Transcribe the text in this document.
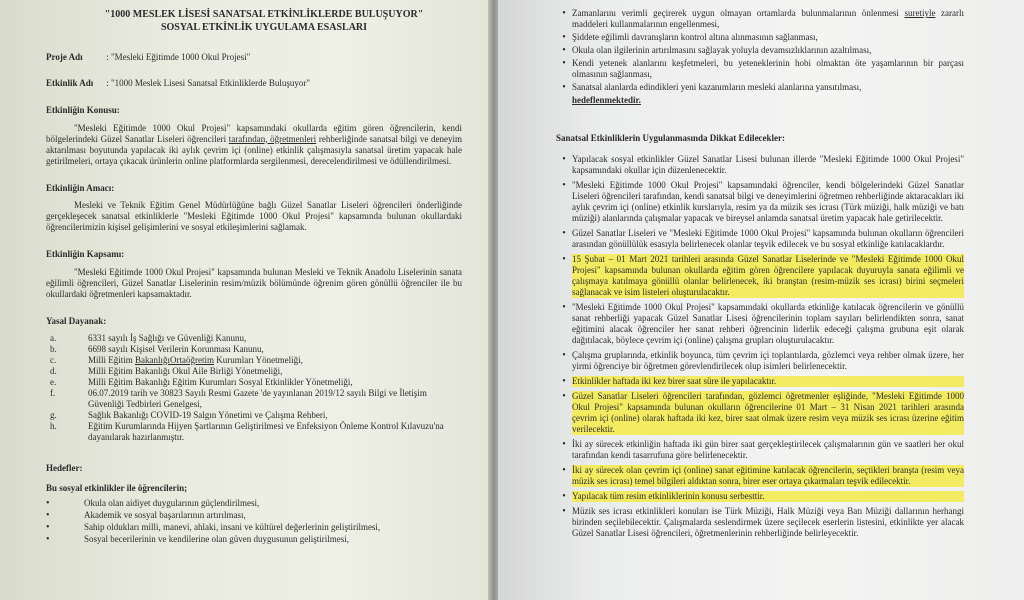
"1000 MESLEK LİSESİ SANATSAL ETKİNLİKLERDE BULUŞUYOR"
SOSYAL ETKİNLİK UYGULAMA ESASLARI
Proje Adı	: "Mesleki Eğitimde 1000 Okul Projesi"
Etkinlik Adı : "1000 Meslek Lisesi Sanatsal Etkinliklerde Buluşuyor"
Etkinliğin Konusu:

"Mesleki Eğitimde 1000 Okul Projesi" kapsamındaki okullarda eğitim gören öğrencilerin, kendi bölgelerindeki Güzel Sanatlar Liseleri öğrencileri tarafından, öğretmenleri rehberliğinde sanatsal bilgi ve deneyim aktarılması boyutunda yapılacak iki aylık çevrim içi (online) etkinlik çalışmasıyla sanatsal üretim yapacak hale getirilmeleri, ortaya çıkacak ürünlerin online platformlarda sergilenmesi, derecelendirilmesi ve ödüllendirilmesi.

Etkinliğin Amacı:

Mesleki ve Teknik Eğitim Genel Müdürlüğüne bağlı Güzel Sanatlar Liseleri öğrencileri önderliğinde gerçekleşecek sanatsal etkinliklerle "Mesleki Eğitimde 1000 Okul Projesi" kapsamında bulunan okullardaki öğrencilerimizin kişisel gelişimlerini ve sosyal etkileşimlerini sağlamak.

Etkinliğin Kapsamı:

"Mesleki Eğitimde 1000 Okul Projesi" kapsamında bulunan Mesleki ve Teknik Anadolu Liselerinin sanata eğilimli öğrencileri, Güzel Sanatlar Liselerinin resim/müzik bölümünde öğrenim gören gönüllü öğrenciler ile bu okullardaki öğretmenleri kapsamaktadır.

Yasal Dayanak:
a.	6331 sayılı İş Sağlığı ve Güvenliği Kanunu,
b.	6698 sayılı Kişisel Verilerin Korunması Kanunu,
c.	Milli Eğitim BakanlığıOrtaöğretim Kurumları Yönetmeliği,
d.	Milli Eğitim Bakanlığı Okul Aile Birliği Yönetmeliği,
e.	Milli Eğitim Bakanlığı Eğitim Kurumları Sosyal Etkinlikler Yönetmeliği,
f.	06.07.2019 tarih ve 30823 Sayılı Resmi Gazete 'de yayınlanan 2019/12 sayılı Bilgi ve İletişim Güvenliği Tedbirleri Genelgesi,
g.	Sağlık Bakanlığı COVID-19 Salgın Yönetimi ve Çalışma Rehberi,
h.	Eğitim Kurumlarında Hijyen Şartlarının Geliştirilmesi ve Enfeksiyon Önleme Kontrol Kılavuzu'na dayanılarak hazırlanmıştır.
Hedefler:
Bu sosyal etkinlikler ile öğrencilerin;
•	Okula olan aidiyet duygularının güçlendirilmesi,
•	Akademik ve sosyal başarılarının artırılması,
•	Sahip oldukları milli, manevi, ahlaki, insani ve kültürel değerlerinin geliştirilmesi,
•	Sosyal becerilerinin ve kendilerine olan güven duygusunun geliştirilmesi,
• Zamanlarını verimli geçirerek uygun olmayan ortamlarda bulunmalarının önlenmesi suretiyle zararlı maddeleri kullanmalarının engellenmesi,
• Şiddete eğilimli davranışların kontrol altına alınmasının sağlanması,
• Okula olan ilgilerinin artırılmasını sağlayak yoluyla devamsızlıklarının azaltılması,
• Kendi yetenek alanlarını keşfetmeleri, bu yeteneklerinin hobi olmaktan öte yaşamlarının bir parçası olmasının sağlanması,
• Sanatsal alanlarda edindikleri yeni kazanımların mesleki alanlarına yansıtılması,
hedeflenmektedir.
Sanatsal Etkinliklerin Uygulanmasında Dikkat Edilecekler:
• Yapılacak sosyal etkinlikler Güzel Sanatlar Lisesi bulunan illerde "Mesleki Eğitimde 1000 Okul Projesi" kapsamındaki okullar için düzenlenecektir.
• "Mesleki Eğitimde 1000 Okul Projesi" kapsamındaki öğrenciler, kendi bölgelerindeki Güzel Sanatlar Liseleri öğrencileri tarafından, kendi sanatsal bilgi ve deneyimlerini öğretmen rehberliğinde aktaracakları iki aylık çevrim içi (online) etkinlik kurslarıyla, resim ya da müzik ses icrası (Türk müziği, halk müziği ve batı müziği) alanlarında çalışmalar yapacak ve bireysel anlamda sanatsal üretim yapacak hale getirilecektir.
• Güzel Sanatlar Liseleri ve "Mesleki Eğitimde 1000 Okul Projesi" kapsamında bulunan okulların öğrencileri arasından gönüllülük esasıyla belirlenecek olanlar teşvik edilecek ve bu sosyal etkinliğe katılacaklardır.
• 15 Şubat – 01 Mart 2021 tarihleri arasında Güzel Sanatlar Liselerinde ve "Mesleki Eğitimde 1000 Okul Projesi" kapsamında bulunan okullarda eğitim gören öğrencilere yapılacak duyuruyla sanata eğilimli ve çalışmaya katılmaya gönüllü olanlar belirlenecek, iki branştan (resim-müzik ses icrası) birini seçmeleri sağlanacak ve isim listeleri oluşturulacaktır.
• "Mesleki Eğitimde 1000 Okul Projesi" kapsamındaki okullarda etkinliğe katılacak öğrencilerin ve gönüllü sanat rehberliği yapacak Güzel Sanatlar Lisesi öğrencilerinin toplam sayıları belirlendikten sonra, sanat eğitimini alacak öğrenciler her sanat rehberi öğrencinin liderlik edeceği çalışma grubuna eşit olarak dağıtılacak, böylece çevrim içi (online) çalışma grupları oluşturulacaktır.
• Çalışma gruplarında, etkinlik boyunca, tüm çevrim içi toplantılarda, gözlemci veya rehber olmak üzere, her yirmi öğrenciye bir öğretmen görevlendirilecek olup isimleri belirlenecektir.
• Etkinlikler haftada iki kez birer saat süre ile yapılacaktır.
• Güzel Sanatlar Liseleri öğrencileri tarafından, gözlemci öğretmenler eşliğinde, "Mesleki Eğitimde 1000 Okul Projesi" kapsamında bulunan okulların öğrencilerine 01 Mart – 31 Nisan 2021 tarihleri arasında çevrim içi (online) olarak haftada iki kez, birer saat olmak üzere resim veya müzik ses icrası üzerine eğitim verilecektir.
• İki ay sürecek etkinliğin haftada iki gün birer saat gerçekleştirilecek çalışmalarının gün ve saatleri her okul tarafından kendi tasarrufuna göre belirlenecektir.
• İki ay sürecek olan çevrim içi (online) sanat eğitimine katılacak öğrencilerin, seçtikleri branşta (resim veya müzik ses icrası) temel bilgileri aldıktan sonra, birer eser ortaya çıkarmaları teşvik edilecektir.
• Yapılacak tüm resim etkinliklerinin konusu serbesttir.
• Müzik ses icrası etkinlikleri konuları ise Türk Müziği, Halk Müziği veya Batı Müziği dallarının herhangi birinden seçilebilecektir. Çalışmalarda seslendirmek üzere seçilecek eserlerin listesini, etkinlikte yer alacak Güzel Sanatlar Lisesi öğrencileri, öğretmenlerinin rehberliğinde belirleyecektir.
